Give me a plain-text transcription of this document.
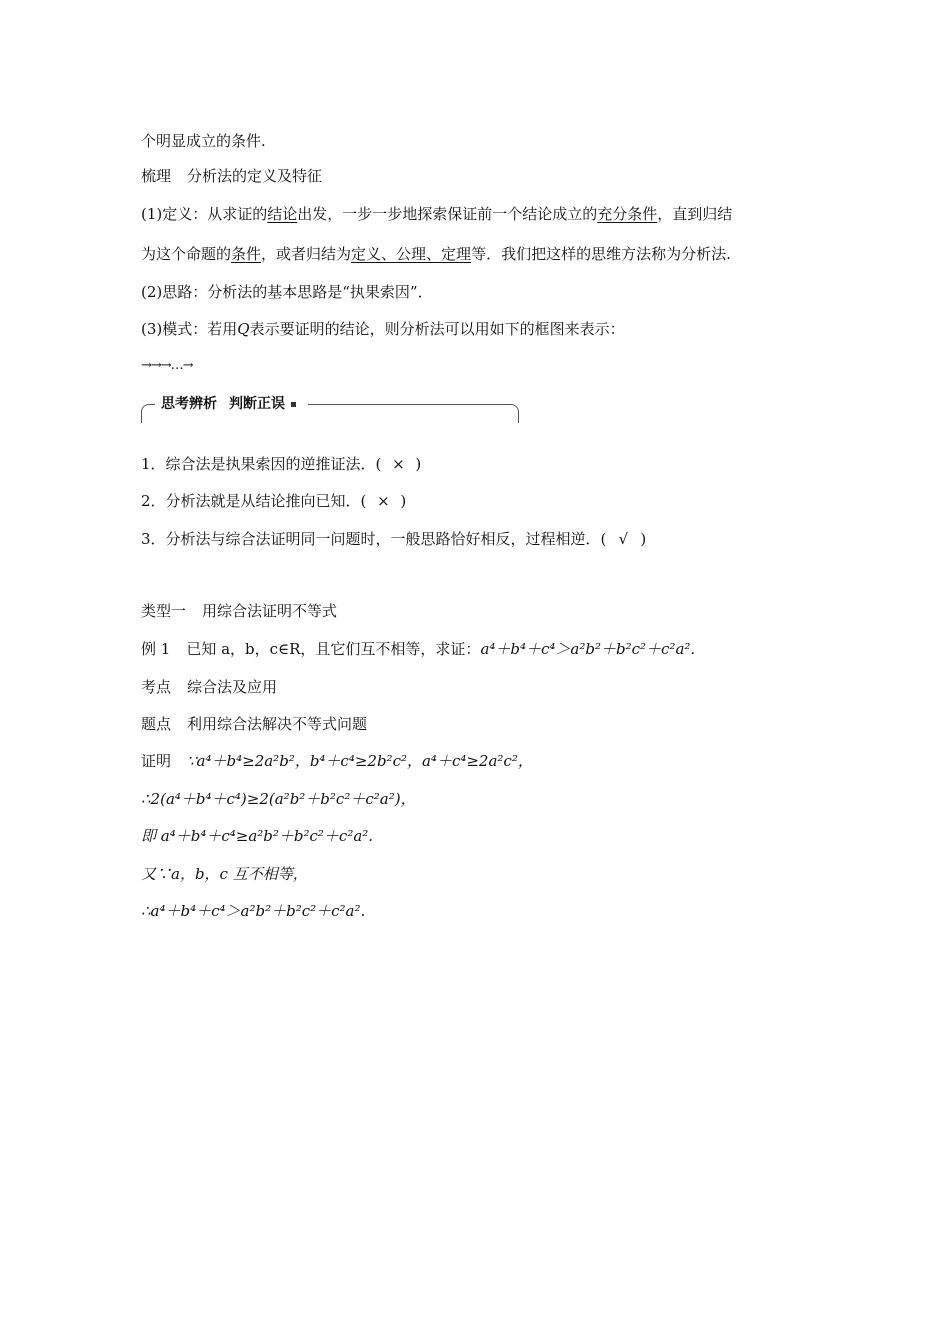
个明显成立的条件.
梳理 分析法的定义及特征
(1)定义：从求证的结论出发，一步一步地探索保证前一个结论成立的充分条件，直到归结
为这个命题的条件，或者归结为定义、公理、定理等．我们把这样的思维方法称为分析法.
(2)思路：分析法的基本思路是“执果索因”．
(3)模式：若用Q表示要证明的结论，则分析法可以用如下的框图来表示：
→→→…→
思考辨析 判断正误
1．综合法是执果索因的逆推证法．( × )
2．分析法就是从结论推向已知．( × )
3．分析法与综合法证明同一问题时，一般思路恰好相反，过程相逆．( √ )
类型一 用综合法证明不等式
例 1 已知 a，b，c∈R，且它们互不相等，求证：a⁴＋b⁴＋c⁴＞a²b²＋b²c²＋c²a².
考点 综合法及应用
题点 利用综合法解决不等式问题
证明 ∵a⁴＋b⁴≥2a²b²，b⁴＋c⁴≥2b²c²，a⁴＋c⁴≥2a²c²，
∴2(a⁴＋b⁴＋c⁴)≥2(a²b²＋b²c²＋c²a²)，
即 a⁴＋b⁴＋c⁴≥a²b²＋b²c²＋c²a².
又∵a，b，c 互不相等，
∴a⁴＋b⁴＋c⁴＞a²b²＋b²c²＋c²a².
